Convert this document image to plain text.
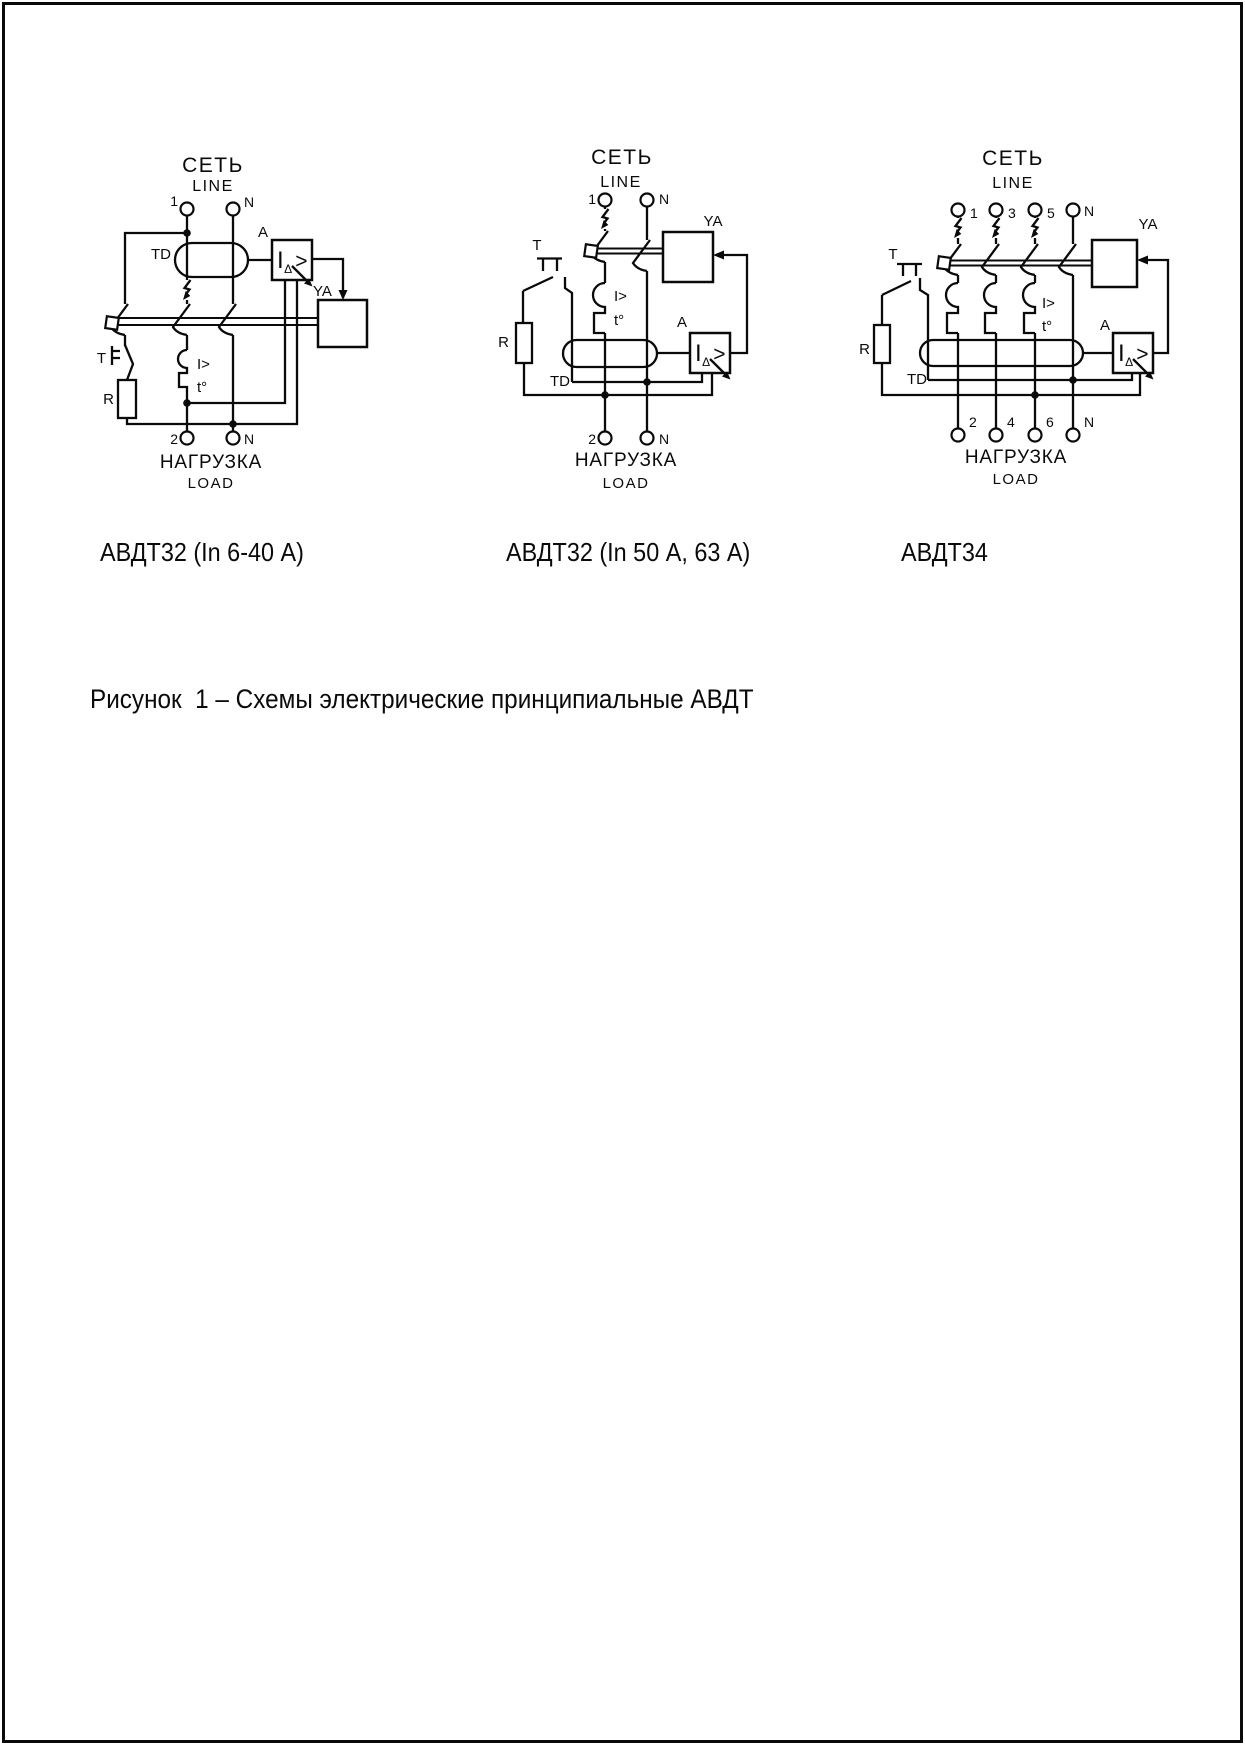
$I_\Delta$ >
СЕТЬ
LINE
1	N
TD
A
YA
T
R
I>
t°
2	N
НАГРУЗКА
LOAD
СЕТЬ
LINE
1	N
T
R
I>
t°	A
YA
TD
2	N
НАГРУЗКА
LOAD
СЕТЬ
LINE
1 3 5 N
T
R
I>
t°	A
YA
TD
2 4 6 N
НАГРУЗКА
LOAD
АВДТ32 (In 6-40 А)	АВДТ32 (In 50 А, 63 А)	АВДТ34
Рисунок  1 – Схемы электрические принципиальные АВДТ
